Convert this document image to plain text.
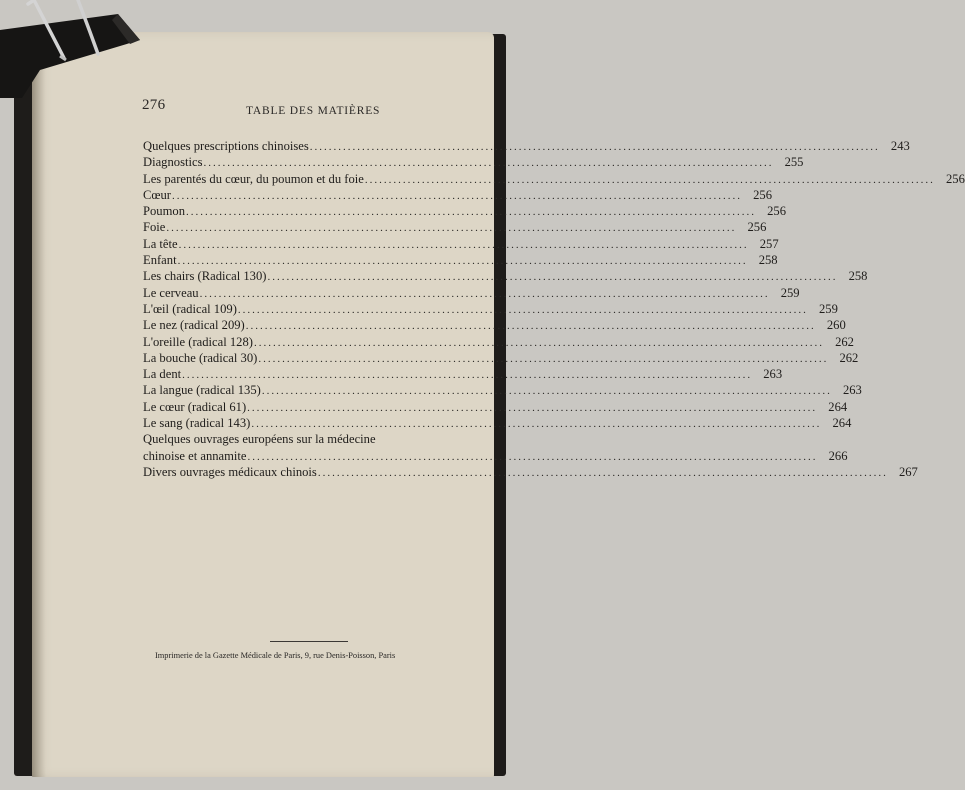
276	TABLE DES MATIÈRES
Quelques prescriptions chinoises ........................................................................................................................ 243
Diagnostics ........................................................................................................................ 255
Les parentés du cœur, du poumon et du foie ........................................................................................................................ 256
Cœur ........................................................................................................................ 256
Poumon ........................................................................................................................ 256
Foie ........................................................................................................................ 256
La tête ........................................................................................................................ 257
Enfant ........................................................................................................................ 258
Les chairs (Radical 130) ........................................................................................................................ 258
Le cerveau ........................................................................................................................ 259
L'œil (radical 109) ........................................................................................................................ 259
Le nez (radical 209) ........................................................................................................................ 260
L'oreille (radical 128) ........................................................................................................................ 262
La bouche (radical 30) ........................................................................................................................ 262
La dent ........................................................................................................................ 263
La langue (radical 135) ........................................................................................................................ 263
Le cœur (radical 61) ........................................................................................................................ 264
Le sang (radical 143) ........................................................................................................................ 264
Quelques ouvrages européens sur la médecine
chinoise et annamite ........................................................................................................................ 266
Divers ouvrages médicaux chinois ........................................................................................................................ 267
Imprimerie de la Gazette Médicale de Paris, 9, rue Denis-Poisson, Paris
